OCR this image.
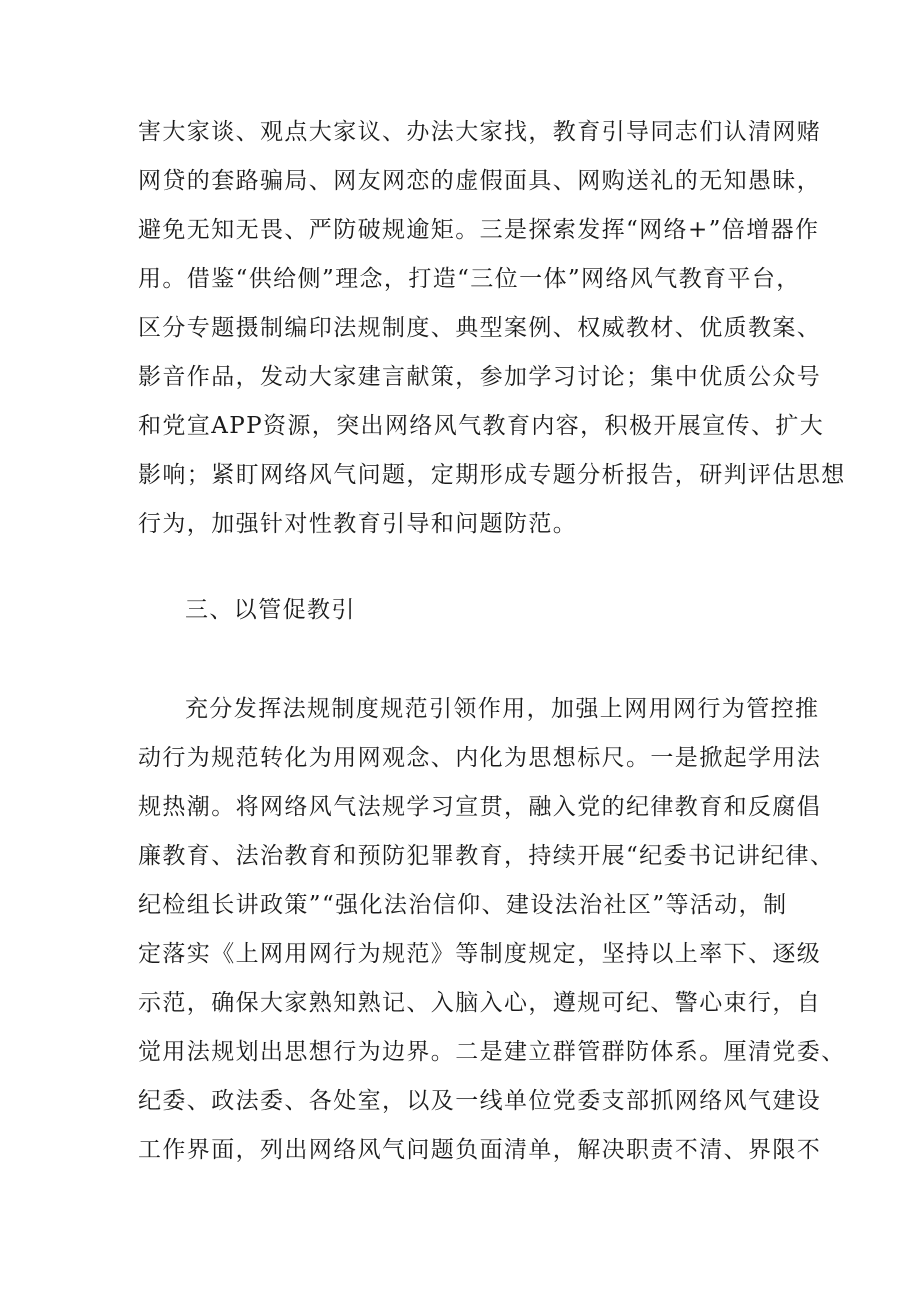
害大家谈、观点大家议、办法大家找，教育引导同志们认清网赌
网贷的套路骗局、网友网恋的虚假面具、网购送礼的无知愚昧，
避免无知无畏、严防破规逾矩。三是探索发挥“网络+”倍增器作
用。借鉴“供给侧”理念，打造“三位一体”网络风气教育平台，
区分专题摄制编印法规制度、典型案例、权威教材、优质教案、
影音作品，发动大家建言献策，参加学习讨论；集中优质公众号
和党宣APP资源，突出网络风气教育内容，积极开展宣传、扩大
影响；紧盯网络风气问题，定期形成专题分析报告，研判评估思想
行为，加强针对性教育引导和问题防范。
三、以管促教引
充分发挥法规制度规范引领作用，加强上网用网行为管控推
动行为规范转化为用网观念、内化为思想标尺。一是掀起学用法
规热潮。将网络风气法规学习宣贯，融入党的纪律教育和反腐倡
廉教育、法治教育和预防犯罪教育，持续开展“纪委书记讲纪律、
纪检组长讲政策”“强化法治信仰、建设法治社区”等活动，制
定落实《上网用网行为规范》等制度规定，坚持以上率下、逐级
示范，确保大家熟知熟记、入脑入心，遵规可纪、警心束行，自
觉用法规划出思想行为边界。二是建立群管群防体系。厘清党委、
纪委、政法委、各处室，以及一线单位党委支部抓网络风气建设
工作界面，列出网络风气问题负面清单，解决职责不清、界限不
